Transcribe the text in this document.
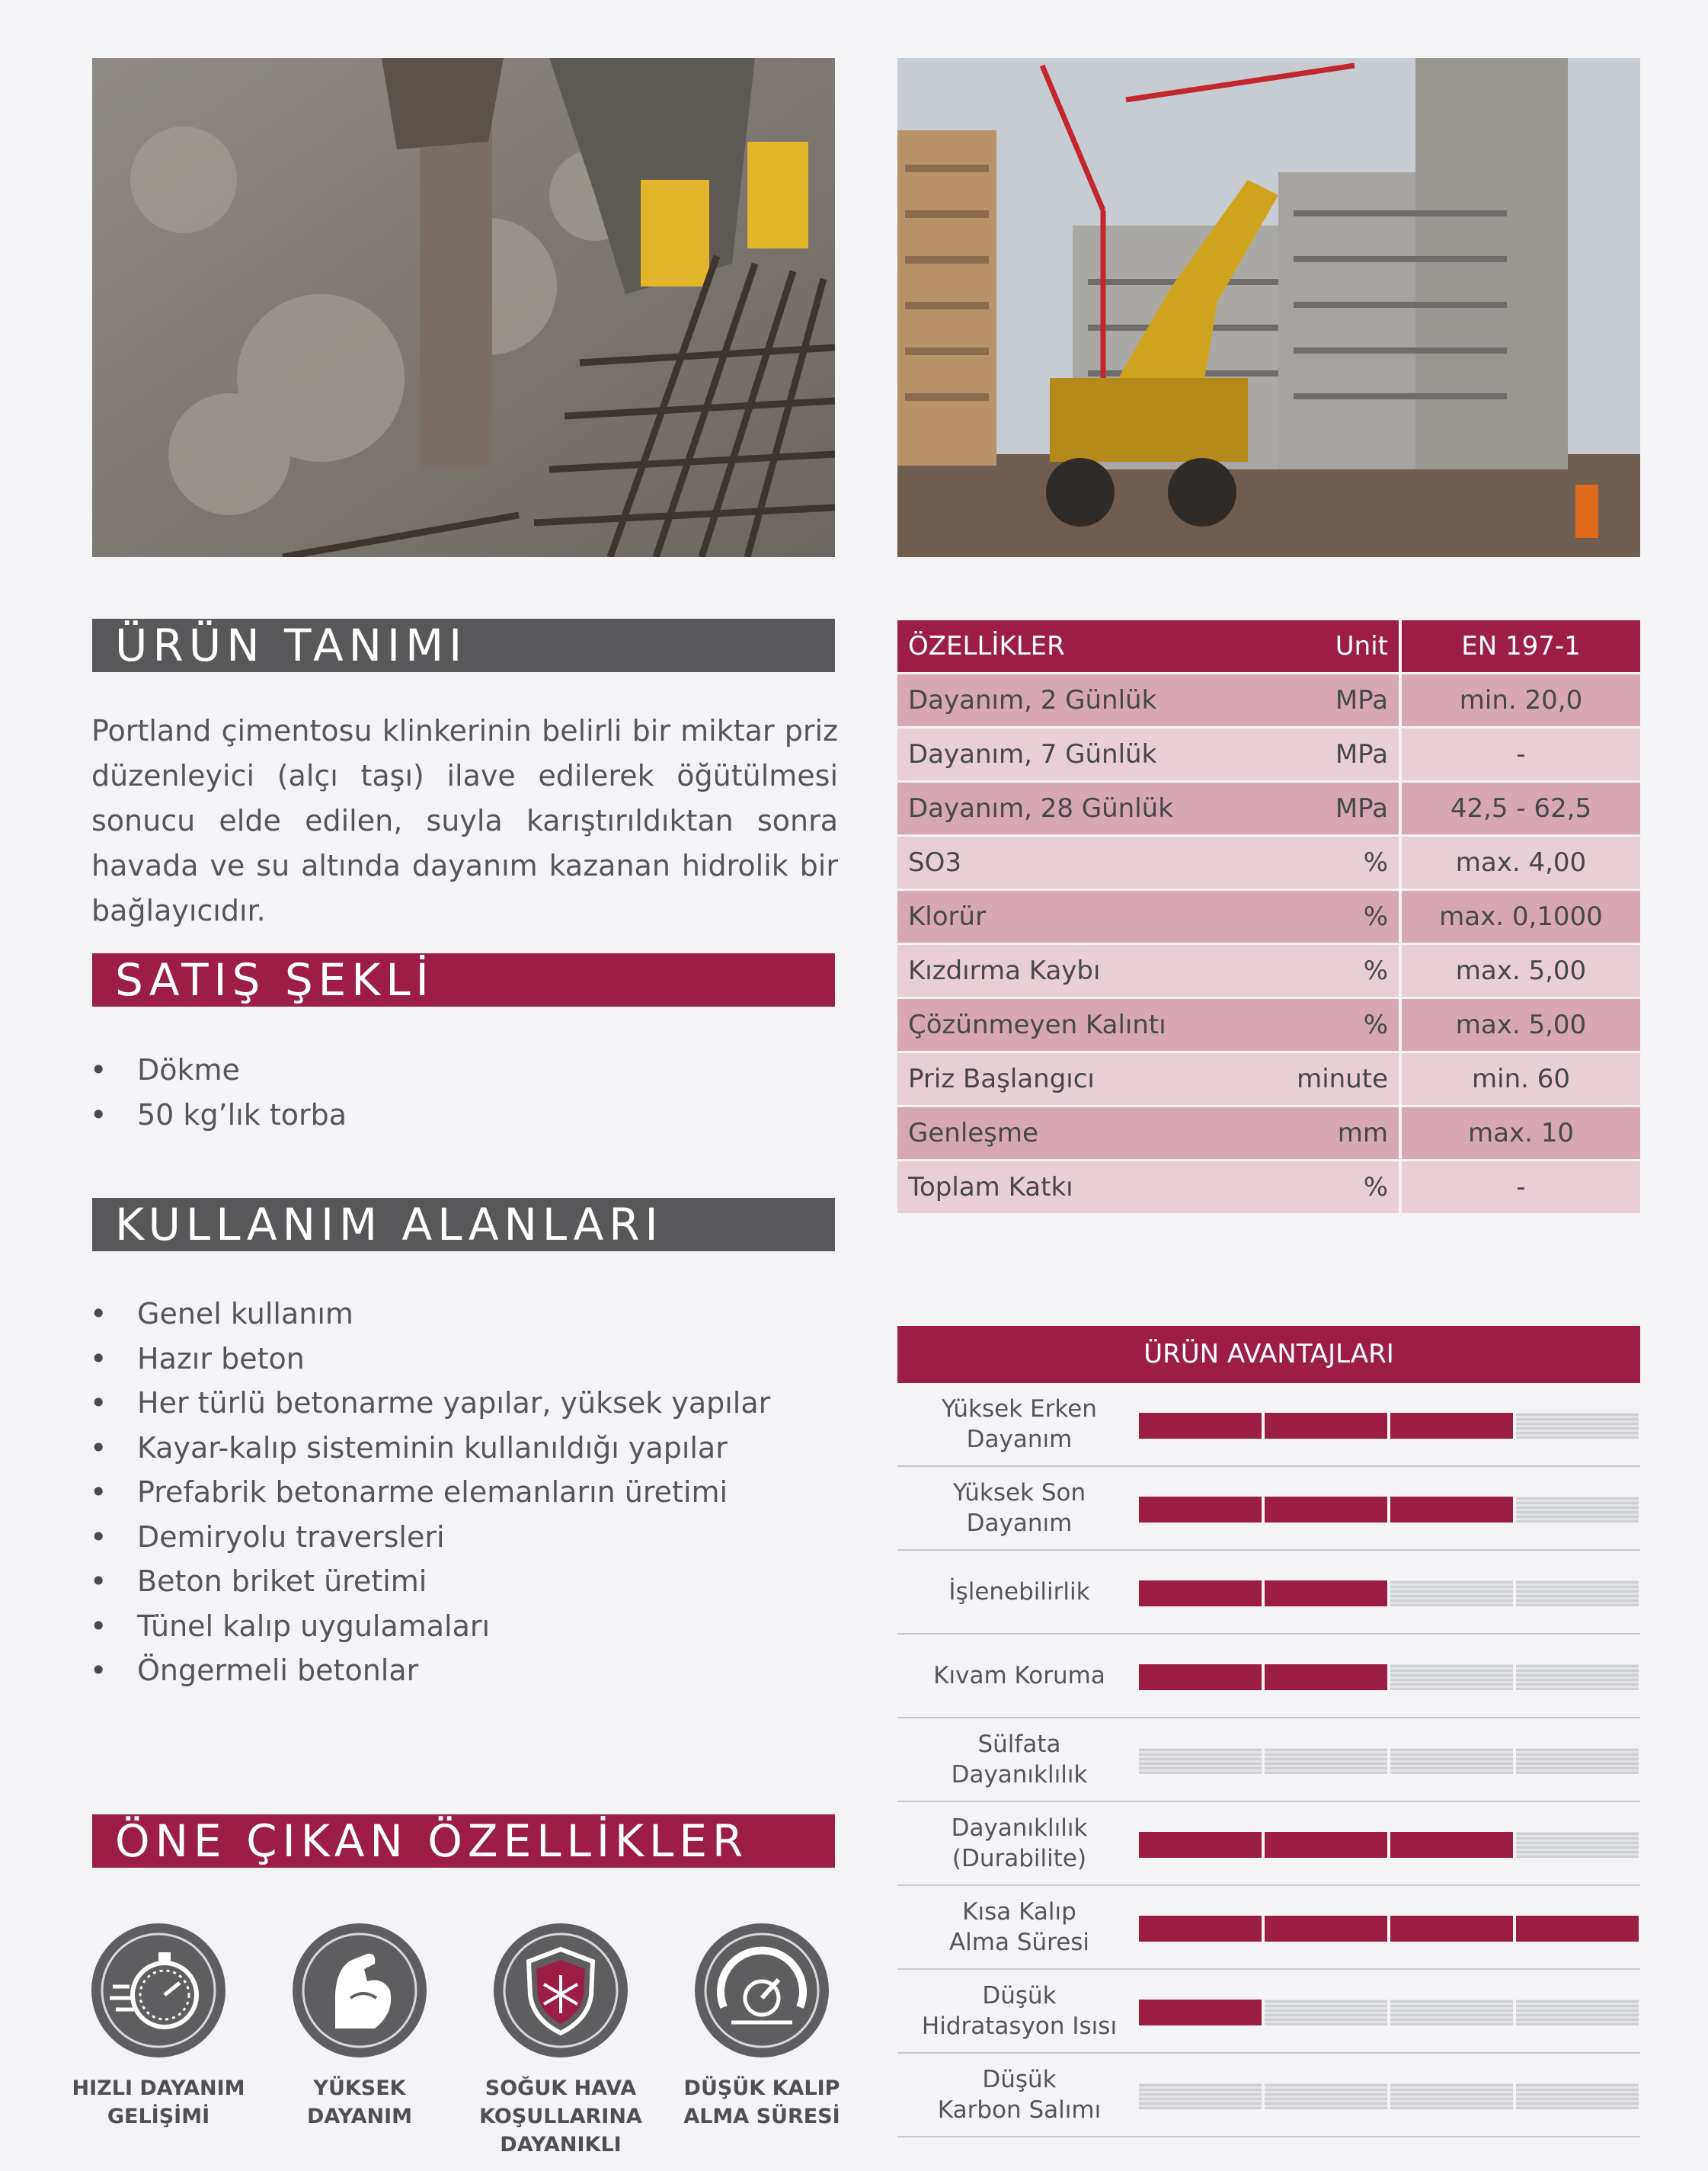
ÜRÜN TANIMI
Portland çimentosu klinkerinin belirli bir miktar priz düzenleyici (alçı taşı) ilave edilerek öğütülmesi sonucu elde edilen, suyla karıştırıldıktan sonra havada ve su altında dayanım kazanan hidrolik bir bağlayıcıdır.
SATIŞ ŞEKLİ
• Dökme
• 50 kg’lık torba
KULLANIM ALANLARI
• Genel kullanım
• Hazır beton
• Her türlü betonarme yapılar, yüksek yapılar
• Kayar-kalıp sisteminin kullanıldığı yapılar
• Prefabrik betonarme elemanların üretimi
• Demiryolu traversleri
• Beton briket üretimi
• Tünel kalıp uygulamaları
• Öngermeli betonlar
ÖNE ÇIKAN ÖZELLİKLER
HIZLI DAYANIM
GELİŞİMİ
YÜKSEK
DAYANIM
SOĞUK HAVA
KOŞULLARINA
DAYANIKLI
DÜŞÜK KALIP
ALMA SÜRESİ
ÖZELLİKLER	Unit	EN 197-1
Dayanım, 2 Günlük	MPa	min. 20,0
Dayanım, 7 Günlük	MPa	-
Dayanım, 28 Günlük	MPa	42,5 - 62,5
SO3	%	max. 4,00
Klorür	%	max. 0,1000
Kızdırma Kaybı	%	max. 5,00
Çözünmeyen Kalıntı	%	max. 5,00
Priz Başlangıcı	minute	min. 60
Genleşme	mm	max. 10
Toplam Katkı	%	-
ÜRÜN AVANTAJLARI
Yüksek Erken
Dayanım
Yüksek Son
Dayanım
İşlenebilirlik
Kıvam Koruma
Sülfata
Dayanıklılık
Dayanıklılık
(Durabilite)
Kısa Kalıp
Alma Süresi
Düşük
Hidratasyon Isısı
Düşük
Karbon Salımı
